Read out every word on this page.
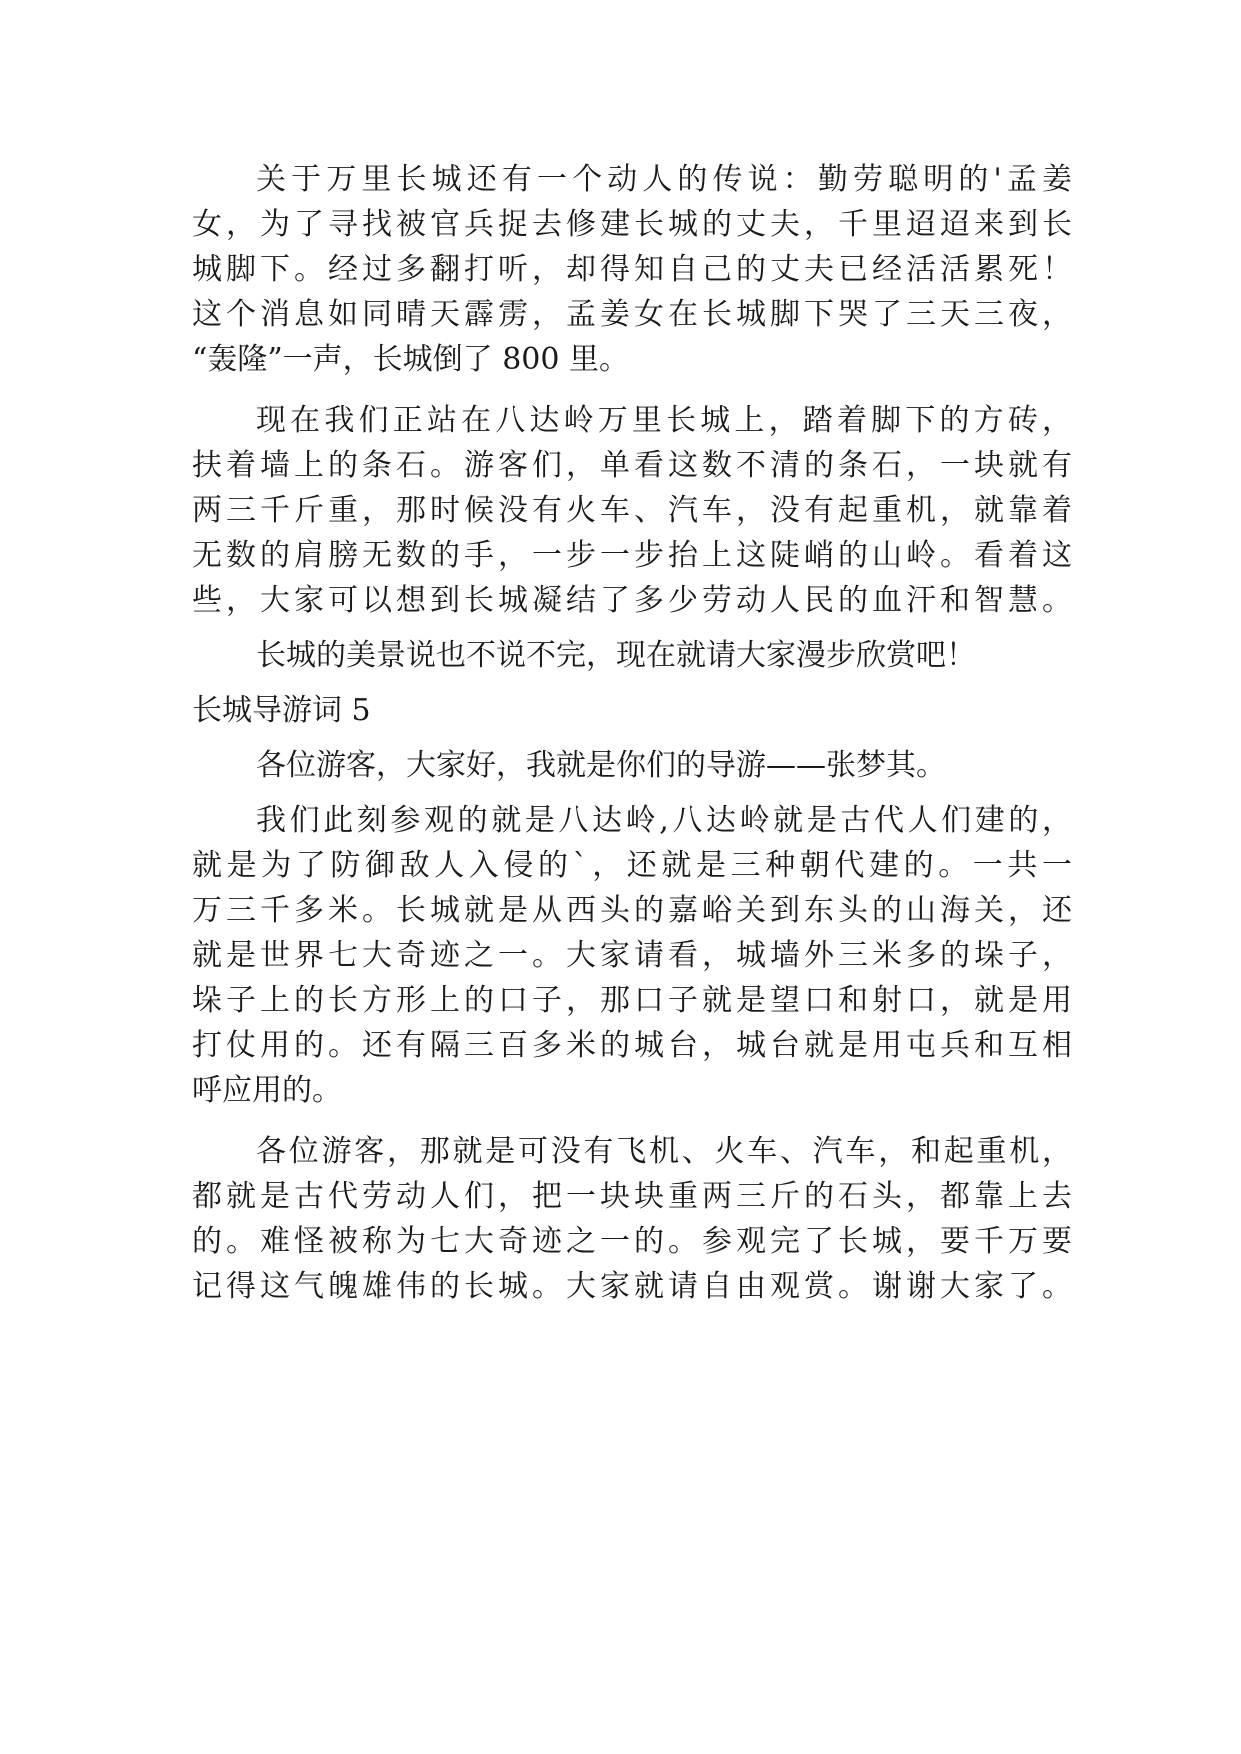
关于万里长城还有一个动人的传说：勤劳聪明的'孟姜
女，为了寻找被官兵捉去修建长城的丈夫，千里迢迢来到长
城脚下。经过多翻打听，却得知自己的丈夫已经活活累死！
这个消息如同晴天霹雳，孟姜女在长城脚下哭了三天三夜，
“轰隆”一声，长城倒了 800 里。
现在我们正站在八达岭万里长城上，踏着脚下的方砖，
扶着墙上的条石。游客们，单看这数不清的条石，一块就有
两三千斤重，那时候没有火车、汽车，没有起重机，就靠着
无数的肩膀无数的手，一步一步抬上这陡峭的山岭。看着这
些，大家可以想到长城凝结了多少劳动人民的血汗和智慧。
长城的美景说也不说不完，现在就请大家漫步欣赏吧！
长城导游词 5
各位游客，大家好，我就是你们的导游——张梦其。
我们此刻参观的就是八达岭,八达岭就是古代人们建的，
就是为了防御敌人入侵的`，还就是三种朝代建的。一共一
万三千多米。长城就是从西头的嘉峪关到东头的山海关，还
就是世界七大奇迹之一。大家请看，城墙外三米多的垛子，
垛子上的长方形上的口子，那口子就是望口和射口，就是用
打仗用的。还有隔三百多米的城台，城台就是用屯兵和互相
呼应用的。
各位游客，那就是可没有飞机、火车、汽车，和起重机，
都就是古代劳动人们，把一块块重两三斤的石头，都靠上去
的。难怪被称为七大奇迹之一的。参观完了长城，要千万要
记得这气魄雄伟的长城。大家就请自由观赏。谢谢大家了。
